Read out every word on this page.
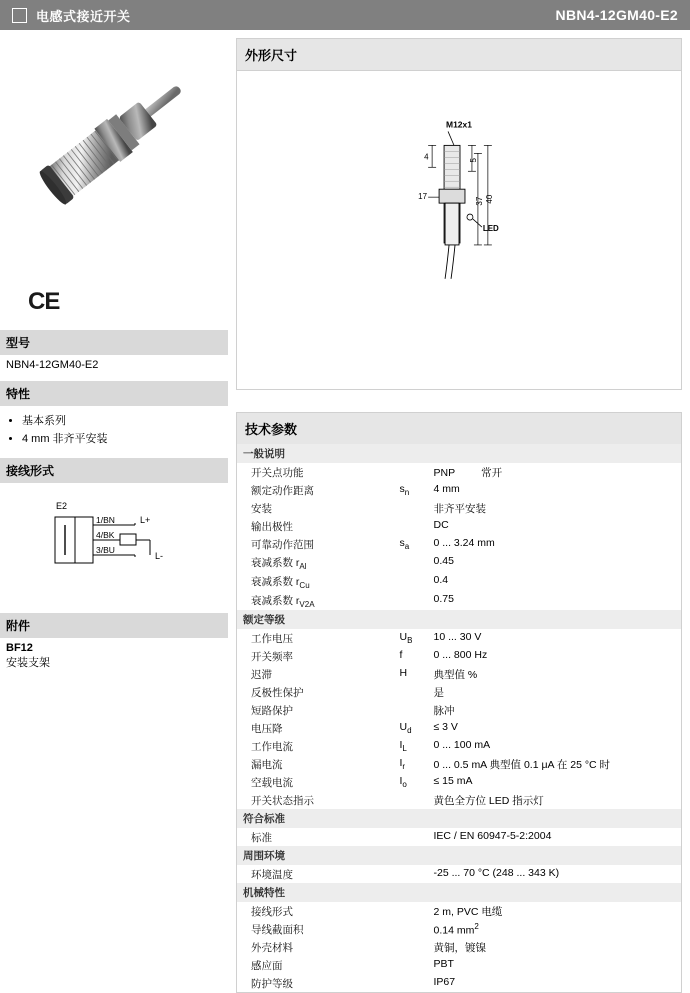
电感式接近开关	NBN4-12GM40-E2
CE
型号
NBN4-12GM40-E2
特性
• 基本系列
• 4 mm 非齐平安装
接线形式
E2
1/BN
4/BK
3/BU
L+
L-
附件
BF12
安装支架
外形尺寸
M12x1
LED
40
37
5
4
17
技术参数
一般说明		
开关点功能		PNP 常开
额定动作距离	$s_n$	4 mm
安装		非齐平安装
输出极性		DC
可靠动作范围	$s_a$	0 ... 3.24 mm
衰减系数 $r_{Al}$		0.45
衰减系数 $r_{Cu}$		0.4
衰减系数 $r_{V2A}$		0.75
额定等级		
工作电压	$U_B$	10 ... 30 V
开关频率	f	0 ... 800 Hz
迟滞	H	典型值 %
反极性保护		是
短路保护		脉冲
电压降	$U_d$	≤ 3 V
工作电流	$I_L$	0 ... 100 mA
漏电流	$I_r$	0 ... 0.5 mA 典型值 0.1 μA 在 25 °C 时
空载电流	$I_o$	≤ 15 mA
开关状态指示		黄色全方位 LED 指示灯
符合标准		
标准		IEC / EN 60947-5-2:2004
周围环境		
环境温度		-25 ... 70 °C (248 ... 343 K)
机械特性		
接线形式		2 m, PVC 电缆
导线截面积		0.14 $mm^2$
外壳材料		黄铜，镀镍
感应面		PBT
防护等级		IP67
